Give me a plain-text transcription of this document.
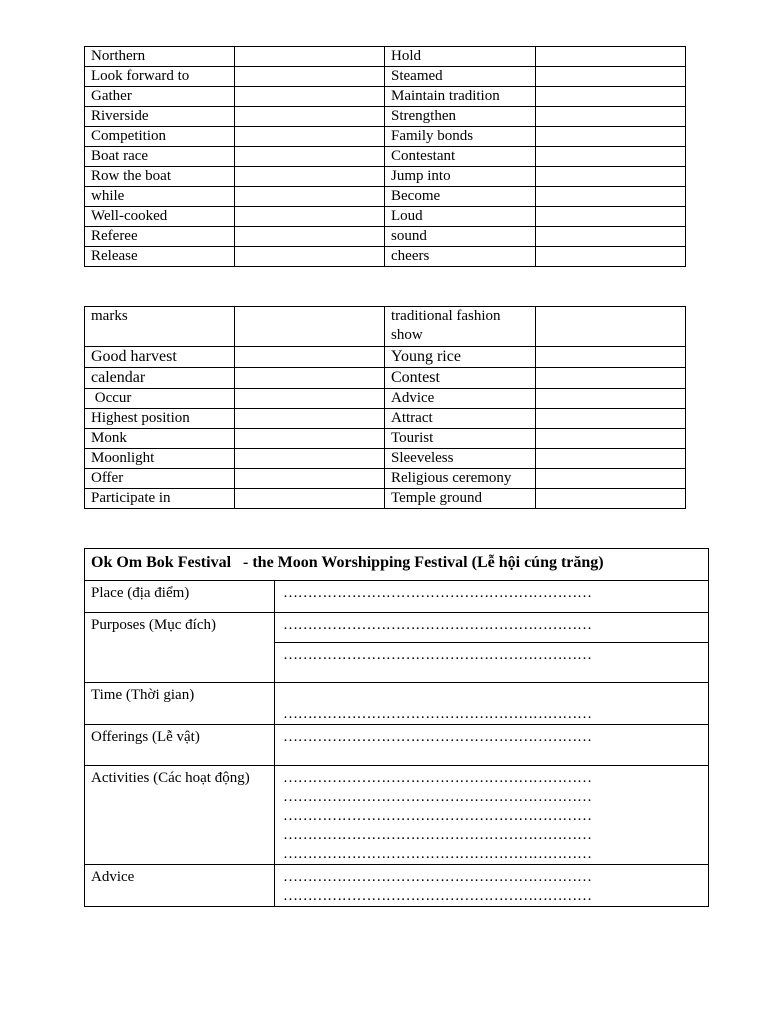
Northern		Hold	
Look forward to		Steamed	
Gather		Maintain tradition	
Riverside		Strengthen	
Competition		Family bonds	
Boat race		Contestant	
Row the boat		Jump into	
while		Become	
Well-cooked		Loud	
Referee		sound	
Release		cheers	
marks		traditional fashion show	
Good harvest		Young rice	
calendar		Contest	
Occur		Advice	
Highest position		Attract	
Monk		Tourist	
Moonlight		Sleeveless	
Offer		Religious ceremony	
Participate in		Temple ground	
Ok Om Bok Festival   - the Moon Worshipping Festival (Lễ hội cúng trăng)	
Place (địa điểm)	………………………………………………………

Purposes (Mục đích)	………………………………………………………

	………………………………………………………

Time (Thời gian)	………………………………………………………

Offerings (Lễ vật)	………………………………………………………

Activities (Các hoạt động)	………………………………………………………
………………………………………………………
………………………………………………………
………………………………………………………
………………………………………………………

Advice	………………………………………………………
………………………………………………………
